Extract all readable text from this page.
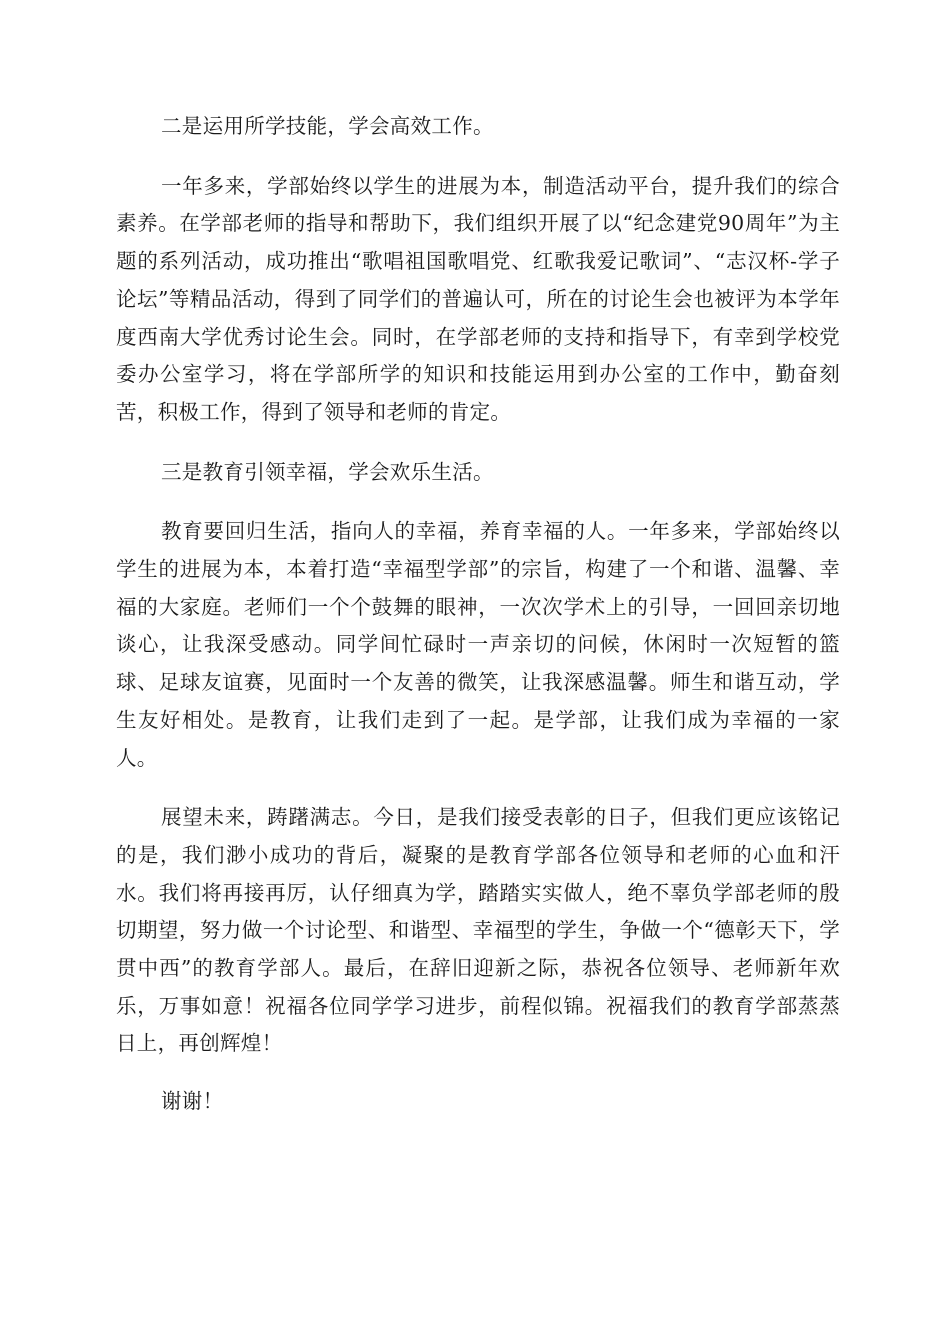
二是运用所学技能，学会高效工作。

一年多来，学部始终以学生的进展为本，制造活动平台，提升我们的综合素养。在学部老师的指导和帮助下，我们组织开展了以“纪念建党90周年”为主题的系列活动，成功推出“歌唱祖国歌唱党、红歌我爱记歌词”、“志汉杯-学子论坛”等精品活动，得到了同学们的普遍认可，所在的讨论生会也被评为本学年度西南大学优秀讨论生会。同时，在学部老师的支持和指导下，有幸到学校党委办公室学习，将在学部所学的知识和技能运用到办公室的工作中，勤奋刻苦，积极工作，得到了领导和老师的肯定。

三是教育引领幸福，学会欢乐生活。

教育要回归生活，指向人的幸福，养育幸福的人。一年多来，学部始终以学生的进展为本，本着打造“幸福型学部”的宗旨，构建了一个和谐、温馨、幸福的大家庭。老师们一个个鼓舞的眼神，一次次学术上的引导，一回回亲切地谈心，让我深受感动。同学间忙碌时一声亲切的问候，休闲时一次短暂的篮球、足球友谊赛，见面时一个友善的微笑，让我深感温馨。师生和谐互动，学生友好相处。是教育，让我们走到了一起。是学部，让我们成为幸福的一家人。

展望未来，踌躇满志。今日，是我们接受表彰的日子，但我们更应该铭记的是，我们渺小成功的背后，凝聚的是教育学部各位领导和老师的心血和汗水。我们将再接再厉，认仔细真为学，踏踏实实做人，绝不辜负学部老师的殷切期望，努力做一个讨论型、和谐型、幸福型的学生，争做一个“德彰天下，学贯中西”的教育学部人。最后，在辞旧迎新之际，恭祝各位领导、老师新年欢乐，万事如意！祝福各位同学学习进步，前程似锦。祝福我们的教育学部蒸蒸日上，再创辉煌！

谢谢！
